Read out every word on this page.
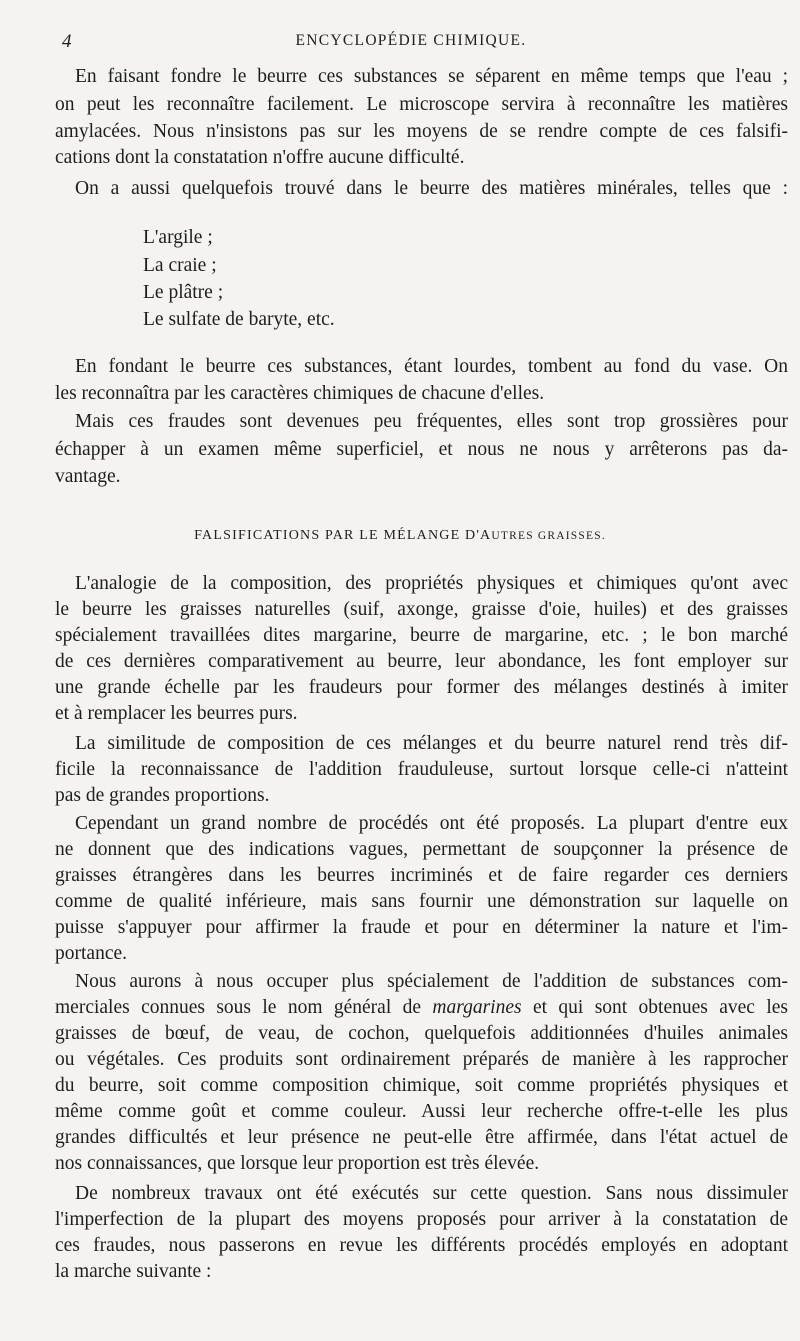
4	ENCYCLOPÉDIE CHIMIQUE.
En faisant fondre le beurre ces substances se séparent en même temps que l'eau ;
on peut les reconnaître facilement. Le microscope servira à reconnaître les matières
amylacées. Nous n'insistons pas sur les moyens de se rendre compte de ces falsifi-
cations dont la constatation n'offre aucune difficulté.
On a aussi quelquefois trouvé dans le beurre des matières minérales, telles que :
L'argile ;
La craie ;
Le plâtre ;
Le sulfate de baryte, etc.
En fondant le beurre ces substances, étant lourdes, tombent au fond du vase. On
les reconnaîtra par les caractères chimiques de chacune d'elles.
Mais ces fraudes sont devenues peu fréquentes, elles sont trop grossières pour
échapper à un examen même superficiel, et nous ne nous y arrêterons pas da-
vantage.
FALSIFICATIONS PAR LE MÉLANGE D'AUTRES GRAISSES.
L'analogie de la composition, des propriétés physiques et chimiques qu'ont avec
le beurre les graisses naturelles (suif, axonge, graisse d'oie, huiles) et des graisses
spécialement travaillées dites margarine, beurre de margarine, etc. ; le bon marché
de ces dernières comparativement au beurre, leur abondance, les font employer sur
une grande échelle par les fraudeurs pour former des mélanges destinés à imiter
et à remplacer les beurres purs.
La similitude de composition de ces mélanges et du beurre naturel rend très dif-
ficile la reconnaissance de l'addition frauduleuse, surtout lorsque celle-ci n'atteint
pas de grandes proportions.
Cependant un grand nombre de procédés ont été proposés. La plupart d'entre eux
ne donnent que des indications vagues, permettant de soupçonner la présence de
graisses étrangères dans les beurres incriminés et de faire regarder ces derniers
comme de qualité inférieure, mais sans fournir une démonstration sur laquelle on
puisse s'appuyer pour affirmer la fraude et pour en déterminer la nature et l'im-
portance.
Nous aurons à nous occuper plus spécialement de l'addition de substances com-
merciales connues sous le nom général de margarines et qui sont obtenues avec les
graisses de bœuf, de veau, de cochon, quelquefois additionnées d'huiles animales
ou végétales. Ces produits sont ordinairement préparés de manière à les rapprocher
du beurre, soit comme composition chimique, soit comme propriétés physiques et
même comme goût et comme couleur. Aussi leur recherche offre-t-elle les plus
grandes difficultés et leur présence ne peut-elle être affirmée, dans l'état actuel de
nos connaissances, que lorsque leur proportion est très élevée.
De nombreux travaux ont été exécutés sur cette question. Sans nous dissimuler
l'imperfection de la plupart des moyens proposés pour arriver à la constatation de
ces fraudes, nous passerons en revue les différents procédés employés en adoptant
la marche suivante :
